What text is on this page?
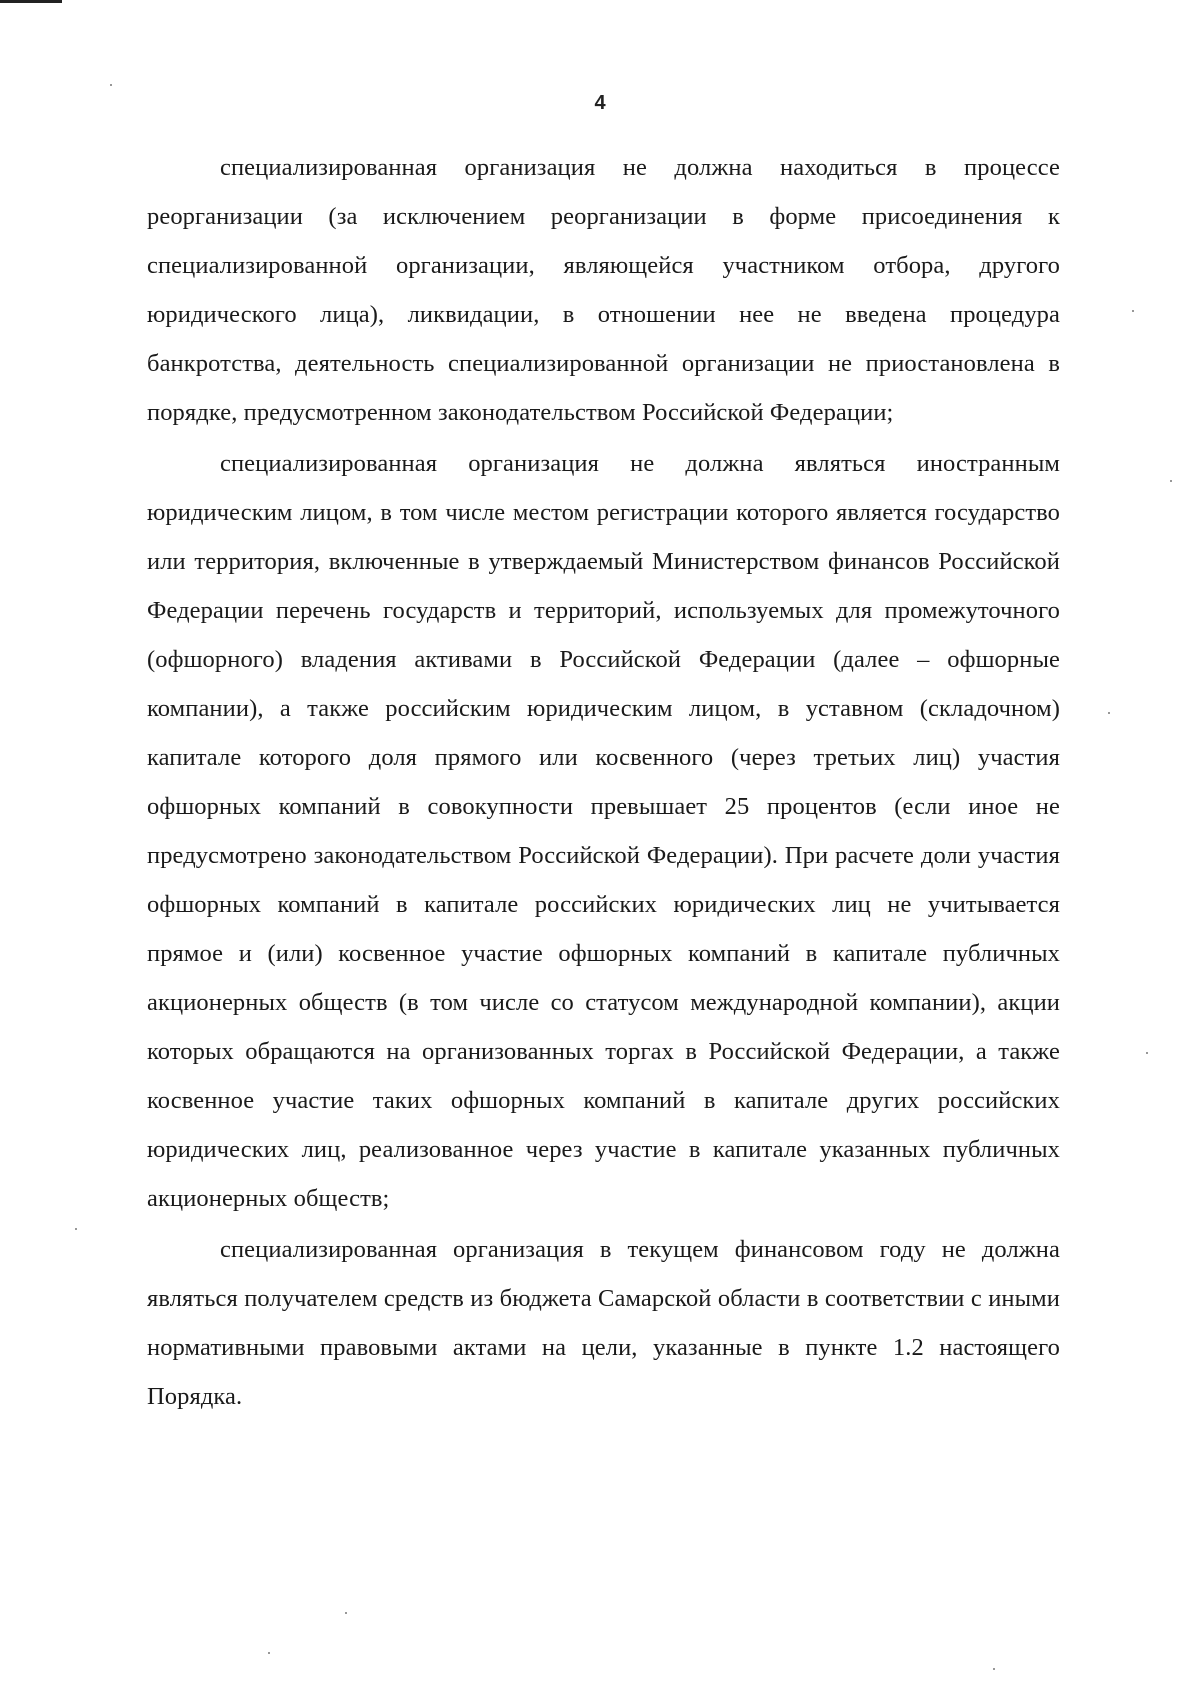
4

специализированная организация не должна находиться в процессе реорганизации (за исключением реорганизации в форме присоединения к специализированной организации, являющейся участником отбора, другого юридического лица), ликвидации, в отношении нее не введена процедура банкротства, деятельность специализированной организации не приостановлена в порядке, предусмотренном законодательством Российской Федерации;

специализированная организация не должна являться иностранным юридическим лицом, в том числе местом регистрации которого является государство или территория, включенные в утверждаемый Министерством финансов Российской Федерации перечень государств и территорий, используемых для промежуточного (офшорного) владения активами в Российской Федерации (далее – офшорные компании), а также российским юридическим лицом, в уставном (складочном) капитале которого доля прямого или косвенного (через третьих лиц) участия офшорных компаний в совокупности превышает 25 процентов (если иное не предусмотрено законодательством Российской Федерации). При расчете доли участия офшорных компаний в капитале российских юридических лиц не учитывается прямое и (или) косвенное участие офшорных компаний в капитале публичных акционерных обществ (в том числе со статусом международной компании), акции которых обращаются на организованных торгах в Российской Федерации, а также косвенное участие таких офшорных компаний в капитале других российских юридических лиц, реализованное через участие в капитале указанных публичных акционерных обществ;

специализированная организация в текущем финансовом году не должна являться получателем средств из бюджета Самарской области в соответствии с иными нормативными правовыми актами на цели, указанные в пункте 1.2 настоящего Порядка.
